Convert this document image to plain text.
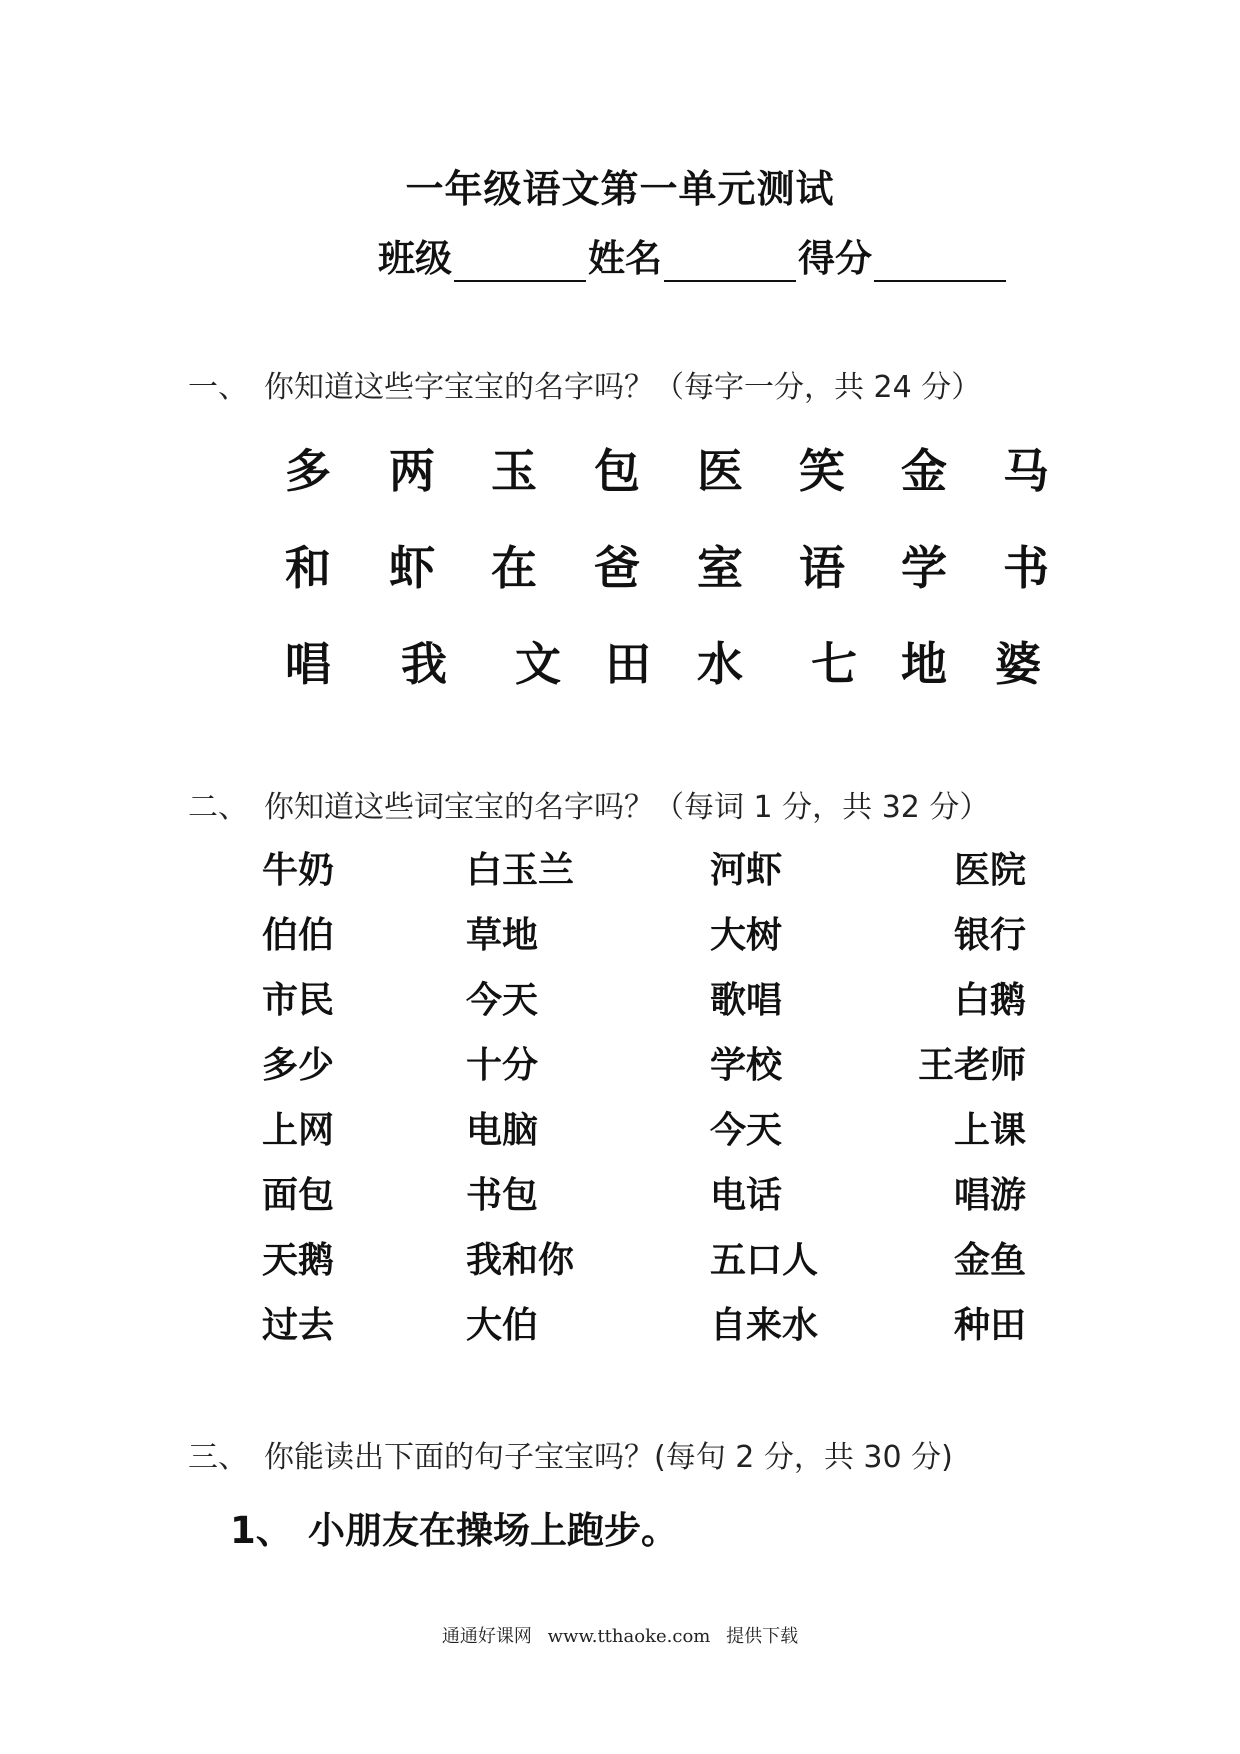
一年级语文第一单元测试
班级	姓名	得分
一、 你知道这些字宝宝的名字吗？（每字一分，共 24 分）
多 两 玉 包 医 笑 金 马
和 虾 在 爸 室 语 学 书
唱 我 文 田 水 七 地 婆
二、 你知道这些词宝宝的名字吗？（每词 1 分，共 32 分）
牛奶	白玉兰	河虾	医院
伯伯	草地	大树	银行
市民	今天	歌唱	白鹅
多少	十分	学校	王老师
上网	电脑	今天	上课
面包	书包	电话	唱游
天鹅	我和你	五口人	金鱼
过去	大伯	自来水	种田
三、 你能读出下面的句子宝宝吗？(每句 2 分，共 30 分)
1、 小朋友在操场上跑步。
通通好课网 www.tthaoke.com 提供下载
